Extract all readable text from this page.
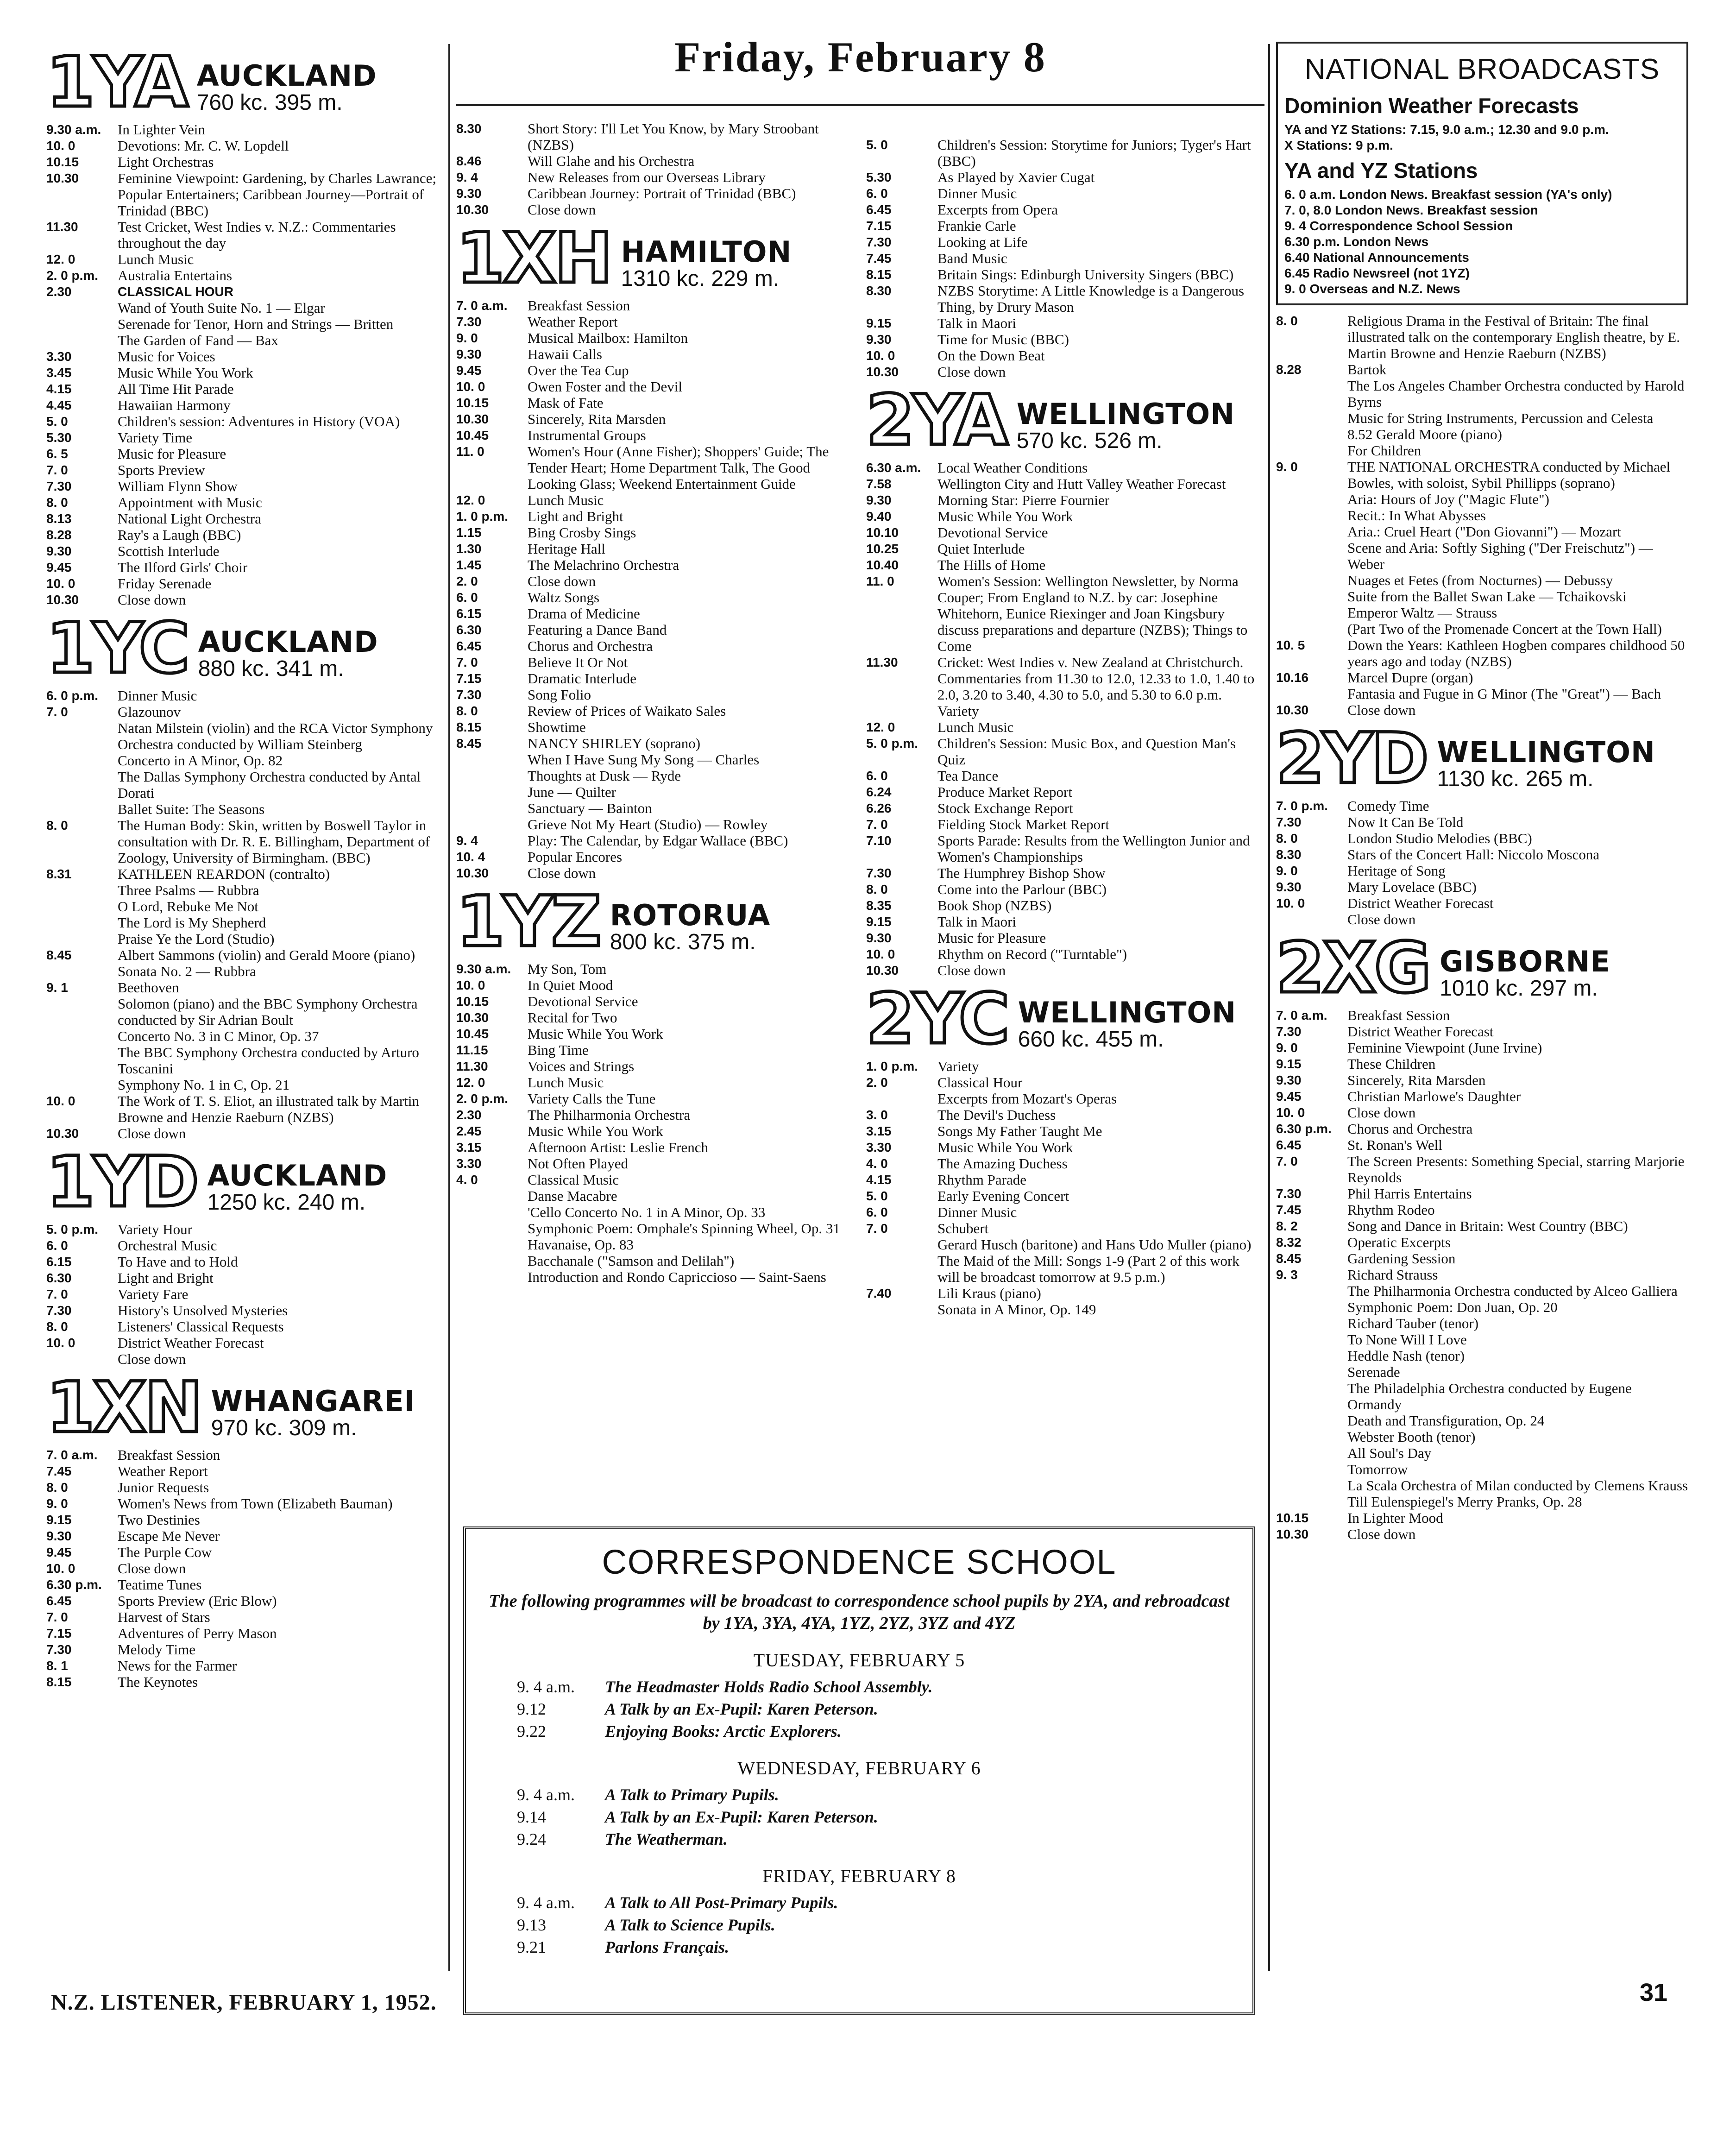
Friday, February 8
1YA AUCKLAND
760 kc. 395 m.
9.30 a.m.	In Lighter Vein
10. 0	Devotions: Mr. C. W. Lopdell
10.15	Light Orchestras
10.30	Feminine Viewpoint: Gardening, by Charles Lawrance; Popular Entertainers; Caribbean Journey—Portrait of Trinidad (BBC)
11.30	Test Cricket, West Indies v. N.Z.: Commentaries throughout the day
12. 0	Lunch Music
2. 0 p.m.	Australia Entertains
2.30	CLASSICAL HOUR
Wand of Youth Suite No. 1 — Elgar
Serenade for Tenor, Horn and Strings — Britten
The Garden of Fand — Bax
3.30	Music for Voices
3.45	Music While You Work
4.15	All Time Hit Parade
4.45	Hawaiian Harmony
5. 0	Children's session: Adventures in History (VOA)
5.30	Variety Time
6. 5	Music for Pleasure
7. 0	Sports Preview
7.30	William Flynn Show
8. 0	Appointment with Music
8.13	National Light Orchestra
8.28	Ray's a Laugh (BBC)
9.30	Scottish Interlude
9.45	The Ilford Girls' Choir
10. 0	Friday Serenade
10.30	Close down
1YC AUCKLAND
880 kc. 341 m.
6. 0 p.m.	Dinner Music
7. 0	Glazounov
Natan Milstein (violin) and the RCA Victor Symphony Orchestra conducted by William Steinberg
Concerto in A Minor, Op. 82
The Dallas Symphony Orchestra conducted by Antal Dorati
Ballet Suite: The Seasons
8. 0	The Human Body: Skin, written by Boswell Taylor in consultation with Dr. R. E. Billingham, Department of Zoology, University of Birmingham. (BBC)
8.31	KATHLEEN REARDON (contralto)
Three Psalms — Rubbra
O Lord, Rebuke Me Not
The Lord is My Shepherd
Praise Ye the Lord (Studio)
8.45	Albert Sammons (violin) and Gerald Moore (piano)
Sonata No. 2 — Rubbra
9. 1	Beethoven
Solomon (piano) and the BBC Symphony Orchestra conducted by Sir Adrian Boult
Concerto No. 3 in C Minor, Op. 37
The BBC Symphony Orchestra conducted by Arturo Toscanini
Symphony No. 1 in C, Op. 21
10. 0	The Work of T. S. Eliot, an illustrated talk by Martin Browne and Henzie Raeburn (NZBS)
10.30	Close down
1YD AUCKLAND
1250 kc. 240 m.
5. 0 p.m.	Variety Hour
6. 0	Orchestral Music
6.15	To Have and to Hold
6.30	Light and Bright
7. 0	Variety Fare
7.30	History's Unsolved Mysteries
8. 0	Listeners' Classical Requests
10. 0	District Weather Forecast
Close down
1XN WHANGAREI
970 kc. 309 m.
7. 0 a.m.	Breakfast Session
7.45	Weather Report
8. 0	Junior Requests
9. 0	Women's News from Town (Elizabeth Bauman)
9.15	Two Destinies
9.30	Escape Me Never
9.45	The Purple Cow
10. 0	Close down
6.30 p.m.	Teatime Tunes
6.45	Sports Preview (Eric Blow)
7. 0	Harvest of Stars
7.15	Adventures of Perry Mason
7.30	Melody Time
8. 1	News for the Farmer
8.15	The Keynotes
8.30	Short Story: I'll Let You Know, by Mary Stroobant (NZBS)
8.46	Will Glahe and his Orchestra
9. 4	New Releases from our Overseas Library
9.30	Caribbean Journey: Portrait of Trinidad (BBC)
10.30	Close down
1XH HAMILTON
1310 kc. 229 m.
7. 0 a.m.	Breakfast Session
7.30	Weather Report
9. 0	Musical Mailbox: Hamilton
9.30	Hawaii Calls
9.45	Over the Tea Cup
10. 0	Owen Foster and the Devil
10.15	Mask of Fate
10.30	Sincerely, Rita Marsden
10.45	Instrumental Groups
11. 0	Women's Hour (Anne Fisher); Shoppers' Guide; The Tender Heart; Home Department Talk, The Good Looking Glass; Weekend Entertainment Guide
12. 0	Lunch Music
1. 0 p.m.	Light and Bright
1.15	Bing Crosby Sings
1.30	Heritage Hall
1.45	The Melachrino Orchestra
2. 0	Close down
6. 0	Waltz Songs
6.15	Drama of Medicine
6.30	Featuring a Dance Band
6.45	Chorus and Orchestra
7. 0	Believe It Or Not
7.15	Dramatic Interlude
7.30	Song Folio
8. 0	Review of Prices of Waikato Sales
8.15	Showtime
8.45	NANCY SHIRLEY (soprano)
When I Have Sung My Song — Charles
Thoughts at Dusk — Ryde
June — Quilter
Sanctuary — Bainton
Grieve Not My Heart (Studio) — Rowley
9. 4	Play: The Calendar, by Edgar Wallace (BBC)
10. 4	Popular Encores
10.30	Close down
1YZ ROTORUA
800 kc. 375 m.
9.30 a.m.	My Son, Tom
10. 0	In Quiet Mood
10.15	Devotional Service
10.30	Recital for Two
10.45	Music While You Work
11.15	Bing Time
11.30	Voices and Strings
12. 0	Lunch Music
2. 0 p.m.	Variety Calls the Tune
2.30	The Philharmonia Orchestra
2.45	Music While You Work
3.15	Afternoon Artist: Leslie French
3.30	Not Often Played
4. 0	Classical Music
Danse Macabre
'Cello Concerto No. 1 in A Minor, Op. 33
Symphonic Poem: Omphale's Spinning Wheel, Op. 31
Havanaise, Op. 83
Bacchanale ("Samson and Delilah")
Introduction and Rondo Capriccioso — Saint-Saens
5. 0	Children's Session: Storytime for Juniors; Tyger's Hart (BBC)
5.30	As Played by Xavier Cugat
6. 0	Dinner Music
6.45	Excerpts from Opera
7.15	Frankie Carle
7.30	Looking at Life
7.45	Band Music
8.15	Britain Sings: Edinburgh University Singers (BBC)
8.30	NZBS Storytime: A Little Knowledge is a Dangerous Thing, by Drury Mason
9.15	Talk in Maori
9.30	Time for Music (BBC)
10. 0	On the Down Beat
10.30	Close down
2YA WELLINGTON
570 kc. 526 m.
6.30 a.m.	Local Weather Conditions
7.58	Wellington City and Hutt Valley Weather Forecast
9.30	Morning Star: Pierre Fournier
9.40	Music While You Work
10.10	Devotional Service
10.25	Quiet Interlude
10.40	The Hills of Home
11. 0	Women's Session: Wellington Newsletter, by Norma Couper; From England to N.Z. by car: Josephine Whitehorn, Eunice Riexinger and Joan Kingsbury discuss preparations and departure (NZBS); Things to Come
11.30	Cricket: West Indies v. New Zealand at Christchurch. Commentaries from 11.30 to 12.0, 12.33 to 1.0, 1.40 to 2.0, 3.20 to 3.40, 4.30 to 5.0, and 5.30 to 6.0 p.m.
Variety
12. 0	Lunch Music
5. 0 p.m.	Children's Session: Music Box, and Question Man's Quiz
6. 0	Tea Dance
6.24	Produce Market Report
6.26	Stock Exchange Report
7. 0	Fielding Stock Market Report
7.10	Sports Parade: Results from the Wellington Junior and Women's Championships
7.30	The Humphrey Bishop Show
8. 0	Come into the Parlour (BBC)
8.35	Book Shop (NZBS)
9.15	Talk in Maori
9.30	Music for Pleasure
10. 0	Rhythm on Record ("Turntable")
10.30	Close down
2YC WELLINGTON
660 kc. 455 m.
1. 0 p.m.	Variety
2. 0	Classical Hour
Excerpts from Mozart's Operas
3. 0	The Devil's Duchess
3.15	Songs My Father Taught Me
3.30	Music While You Work
4. 0	The Amazing Duchess
4.15	Rhythm Parade
5. 0	Early Evening Concert
6. 0	Dinner Music
7. 0	Schubert
Gerard Husch (baritone) and Hans Udo Muller (piano)
The Maid of the Mill: Songs 1-9 (Part 2 of this work will be broadcast tomorrow at 9.5 p.m.)
7.40	Lili Kraus (piano)
Sonata in A Minor, Op. 149
NATIONAL BROADCASTS
Dominion Weather Forecasts
YA and YZ Stations: 7.15, 9.0 a.m.; 12.30 and 9.0 p.m.
X Stations: 9 p.m.
YA and YZ Stations
6. 0 a.m. London News. Breakfast session (YA's only)
7. 0, 8.0 London News. Breakfast session
9. 4 Correspondence School Session
6.30 p.m. London News
6.40 National Announcements
6.45 Radio Newsreel (not 1YZ)
9. 0 Overseas and N.Z. News
8. 0	Religious Drama in the Festival of Britain: The final illustrated talk on the contemporary English theatre, by E. Martin Browne and Henzie Raeburn (NZBS)
8.28	Bartok
The Los Angeles Chamber Orchestra conducted by Harold Byrns
Music for String Instruments, Percussion and Celesta
8.52 Gerald Moore (piano)
For Children
9. 0	THE NATIONAL ORCHESTRA conducted by Michael Bowles, with soloist, Sybil Phillipps (soprano)
Aria: Hours of Joy ("Magic Flute")
Recit.: In What Abysses
Aria.: Cruel Heart ("Don Giovanni") — Mozart
Scene and Aria: Softly Sighing ("Der Freischutz") — Weber
Nuages et Fetes (from Nocturnes) — Debussy
Suite from the Ballet Swan Lake — Tchaikovski
Emperor Waltz — Strauss
(Part Two of the Promenade Concert at the Town Hall)
10. 5	Down the Years: Kathleen Hogben compares childhood 50 years ago and today (NZBS)
10.16	Marcel Dupre (organ)
Fantasia and Fugue in G Minor (The "Great") — Bach
10.30	Close down
2YD WELLINGTON
1130 kc. 265 m.
7. 0 p.m.	Comedy Time
7.30	Now It Can Be Told
8. 0	London Studio Melodies (BBC)
8.30	Stars of the Concert Hall: Niccolo Moscona
9. 0	Heritage of Song
9.30	Mary Lovelace (BBC)
10. 0	District Weather Forecast
Close down
2XG GISBORNE
1010 kc. 297 m.
7. 0 a.m.	Breakfast Session
7.30	District Weather Forecast
9. 0	Feminine Viewpoint (June Irvine)
9.15	These Children
9.30	Sincerely, Rita Marsden
9.45	Christian Marlowe's Daughter
10. 0	Close down
6.30 p.m.	Chorus and Orchestra
6.45	St. Ronan's Well
7. 0	The Screen Presents: Something Special, starring Marjorie Reynolds
7.30	Phil Harris Entertains
7.45	Rhythm Rodeo
8. 2	Song and Dance in Britain: West Country (BBC)
8.32	Operatic Excerpts
8.45	Gardening Session
9. 3	Richard Strauss
The Philharmonia Orchestra conducted by Alceo Galliera
Symphonic Poem: Don Juan, Op. 20
Richard Tauber (tenor)
To None Will I Love
Heddle Nash (tenor)
Serenade
The Philadelphia Orchestra conducted by Eugene Ormandy
Death and Transfiguration, Op. 24
Webster Booth (tenor)
All Soul's Day
Tomorrow
La Scala Orchestra of Milan conducted by Clemens Krauss
Till Eulenspiegel's Merry Pranks, Op. 28
10.15	In Lighter Mood
10.30	Close down
CORRESPONDENCE SCHOOL
The following programmes will be broadcast to correspondence school pupils by 2YA, and rebroadcast by 1YA, 3YA, 4YA, 1YZ, 2YZ, 3YZ and 4YZ
TUESDAY, FEBRUARY 5
9. 4 a.m.	The Headmaster Holds Radio School Assembly.
9.12	A Talk by an Ex-Pupil: Karen Peterson.
9.22	Enjoying Books: Arctic Explorers.
WEDNESDAY, FEBRUARY 6
9. 4 a.m.	A Talk to Primary Pupils.
9.14	A Talk by an Ex-Pupil: Karen Peterson.
9.24	The Weatherman.
FRIDAY, FEBRUARY 8
9. 4 a.m.	A Talk to All Post-Primary Pupils.
9.13	A Talk to Science Pupils.
9.21	Parlons Français.
N.Z. LISTENER, FEBRUARY 1, 1952.	31
